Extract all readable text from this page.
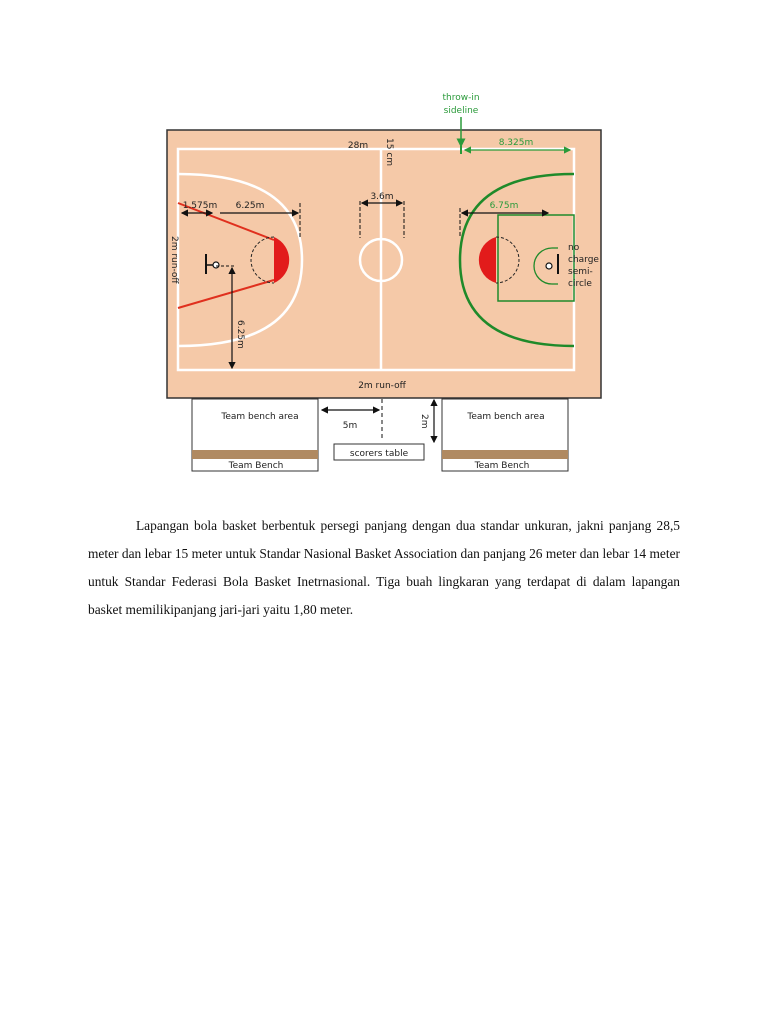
throw-in
sideline
28m 15 cm	8.325m
1.575m 6.25m
3.6m
6.75m
2m run-off
6.25m
no
charge
semi-
circle
2m run-off
Team bench area
Team Bench
Team bench area
Team Bench
5m	2m
scorers table

Lapangan bola basket berbentuk persegi panjang dengan dua standar unkuran, jakni panjang 28,5 meter dan lebar 15 meter untuk Standar Nasional Basket Association dan panjang 26 meter dan lebar 14 meter untuk Standar Federasi Bola Basket Inetrnasional. Tiga buah lingkaran yang terdapat di dalam lapangan basket memilikipanjang jari-jari yaitu 1,80 meter.
